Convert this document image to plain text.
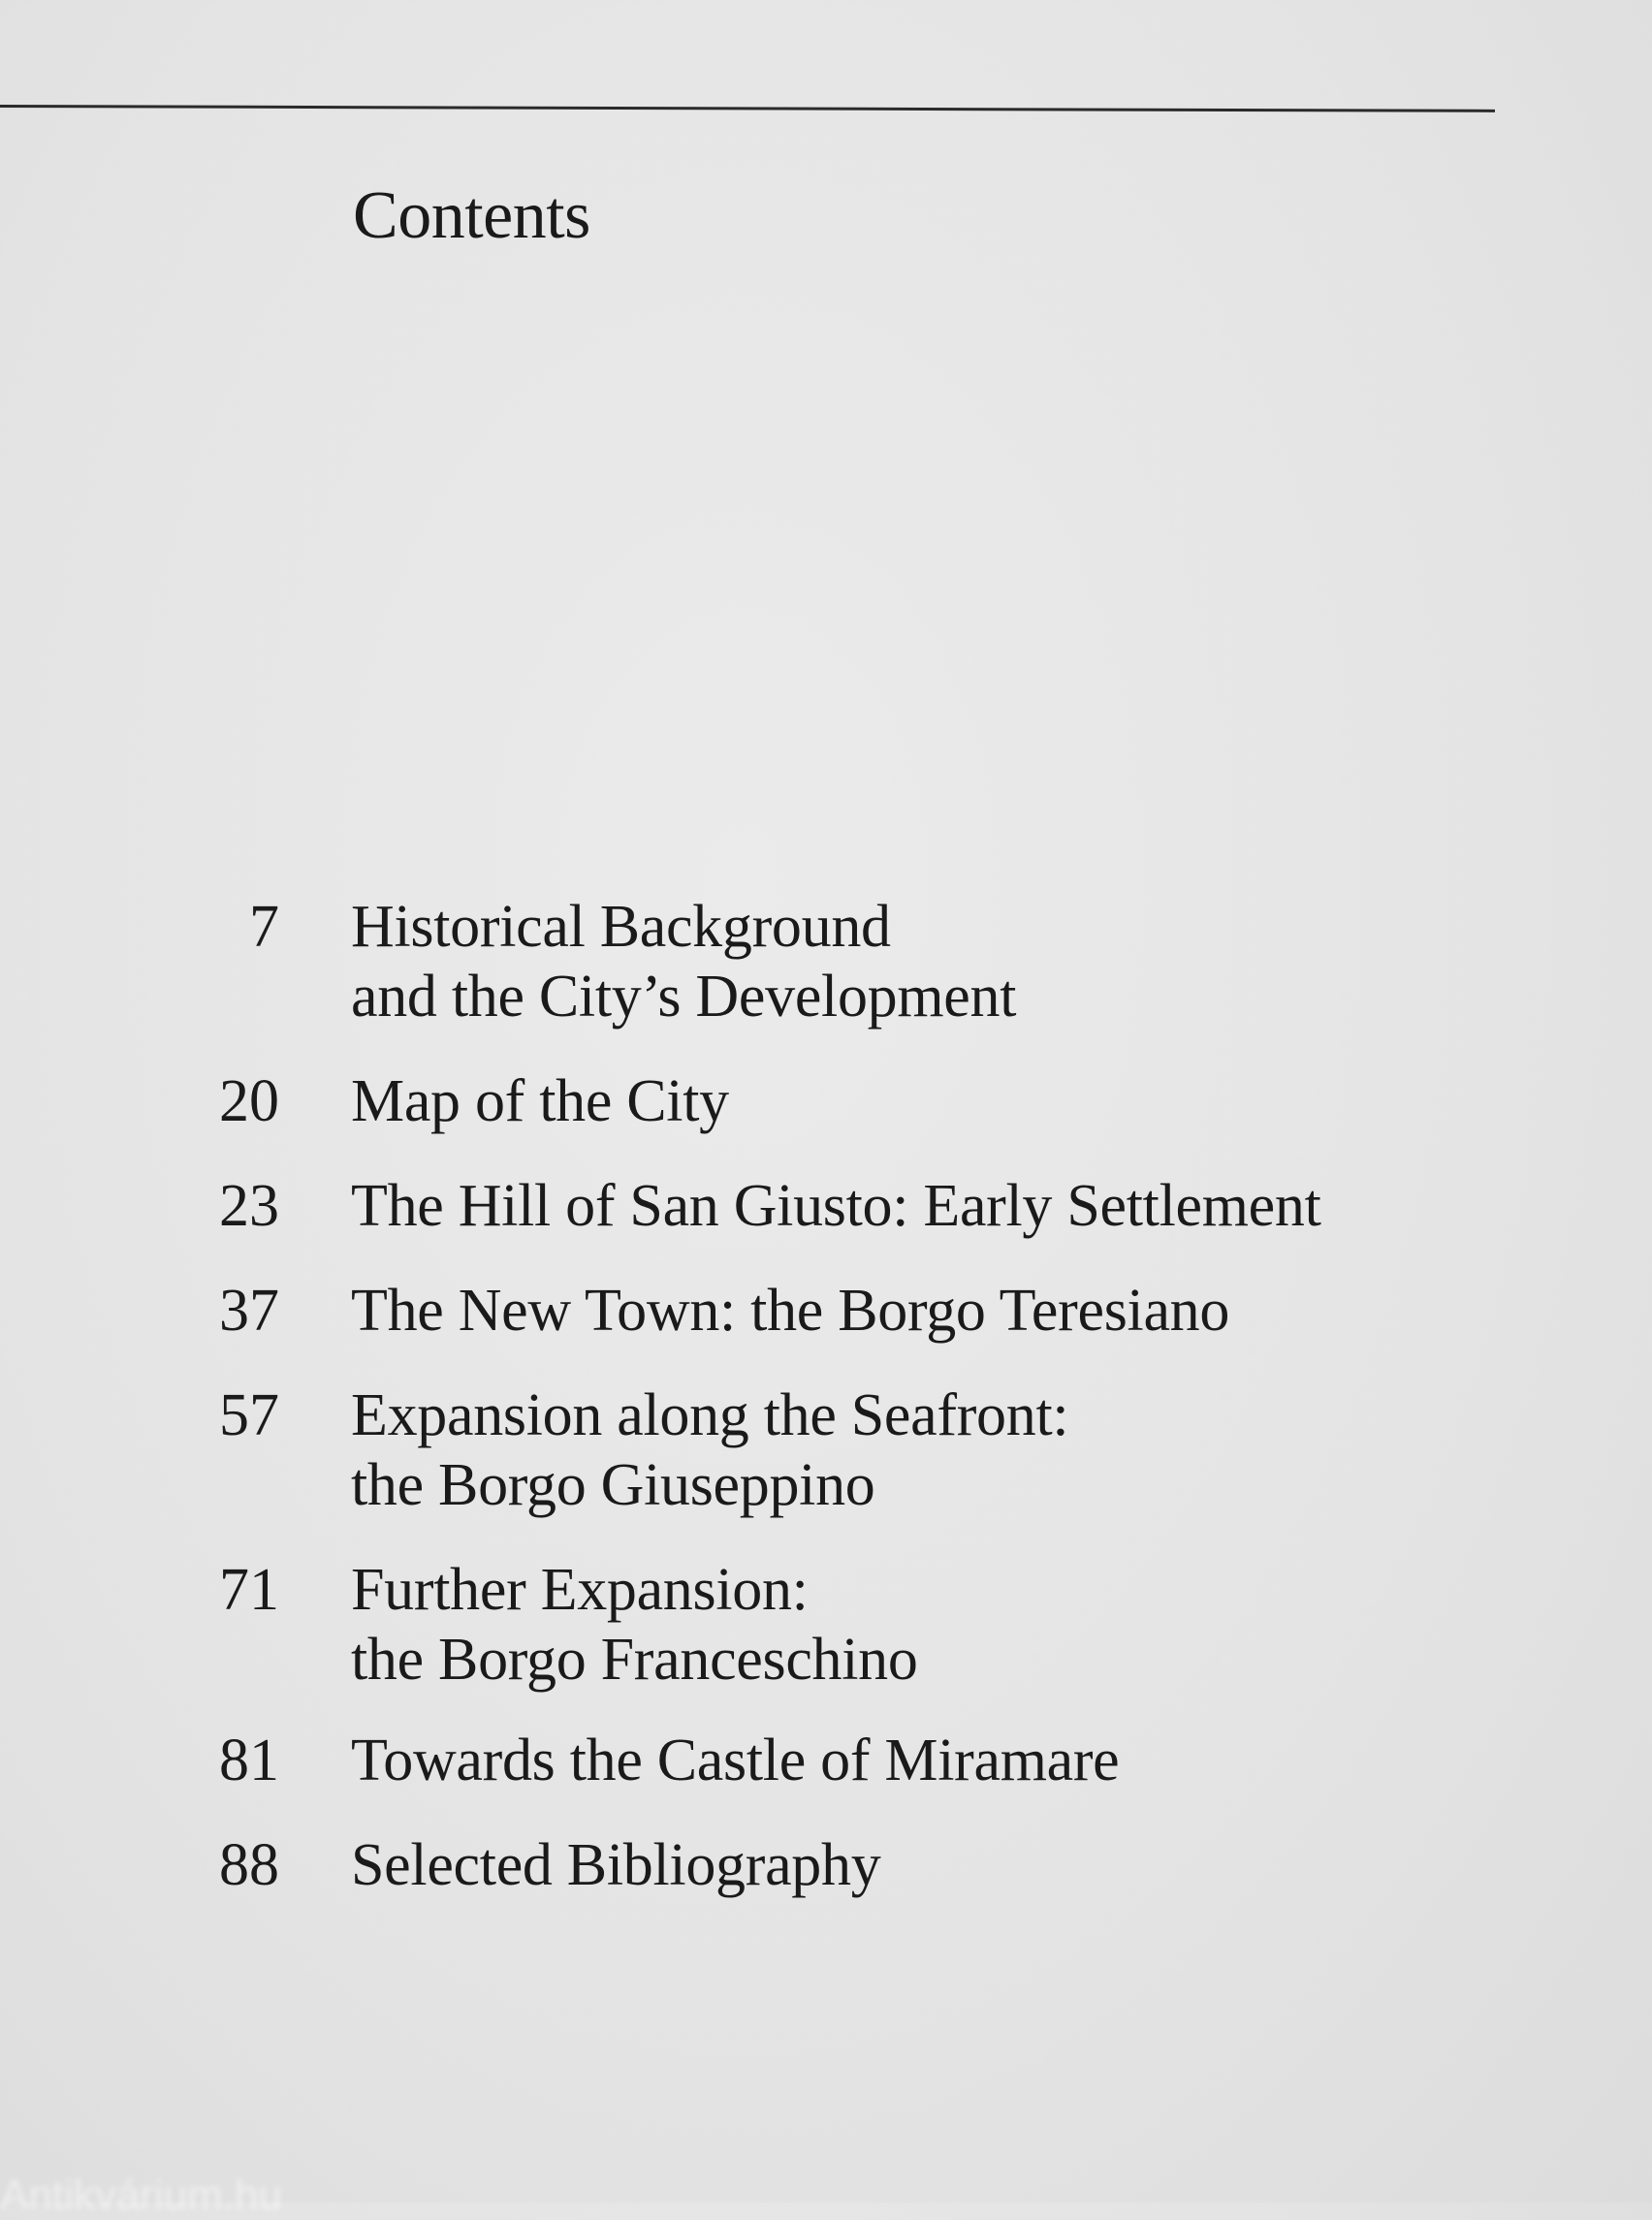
Contents
7 Historical Background
and the City’s Development
20 Map of the City
23 The Hill of San Giusto: Early Settlement
37 The New Town: the Borgo Teresiano
57 Expansion along the Seafront:
the Borgo Giuseppino
71 Further Expansion:
the Borgo Franceschino
81 Towards the Castle of Miramare
88 Selected Bibliography
Antikvárium.hu
